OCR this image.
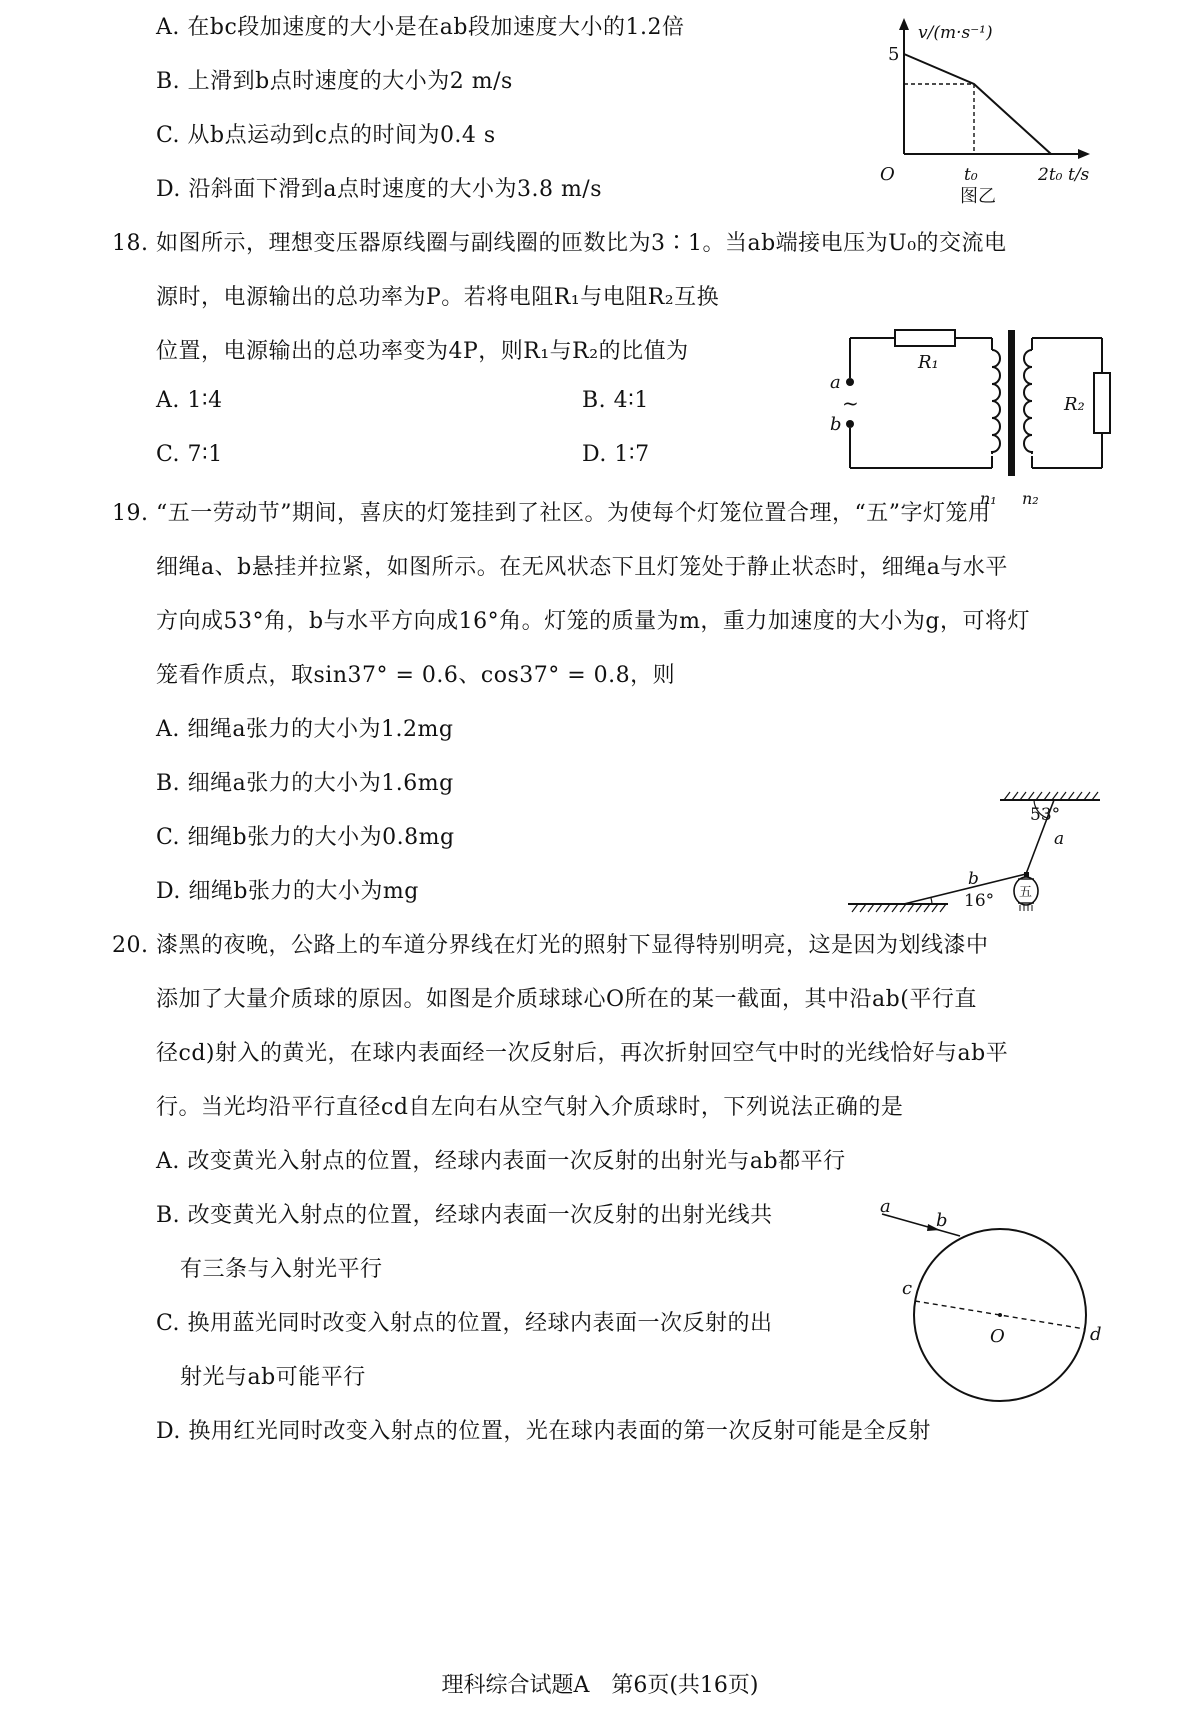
A. 在bc段加速度的大小是在ab段加速度大小的1.2倍
B. 上滑到b点时速度的大小为2 m/s
C. 从b点运动到c点的时间为0.4 s
D. 沿斜面下滑到a点时速度的大小为3.8 m/s
v/(m·s⁻¹)
5
O	t₀	2t₀ t/s
图乙
18. 如图所示，理想变压器原线圈与副线圈的匝数比为3∶1。当ab端接电压为U₀的交流电
源时，电源输出的总功率为P。若将电阻R₁与电阻R₂互换
位置，电源输出的总功率变为4P，则R₁与R₂的比值为
A. 1∶4	B. 4∶1
C. 7∶1	D. 1∶7
R₁
R₂
a
b
~
n₁ n₂
19. “五一劳动节”期间，喜庆的灯笼挂到了社区。为使每个灯笼位置合理，“五”字灯笼用
细绳a、b悬挂并拉紧，如图所示。在无风状态下且灯笼处于静止状态时，细绳a与水平
方向成53°角，b与水平方向成16°角。灯笼的质量为m，重力加速度的大小为g，可将灯
笼看作质点，取sin37° = 0.6、cos37° = 0.8，则
A. 细绳a张力的大小为1.2mg
B. 细绳a张力的大小为1.6mg
C. 细绳b张力的大小为0.8mg
D. 细绳b张力的大小为mg	五
53°
a
b
16°
20. 漆黑的夜晚，公路上的车道分界线在灯光的照射下显得特别明亮，这是因为划线漆中
添加了大量介质球的原因。如图是介质球球心O所在的某一截面，其中沿ab(平行直
径cd)射入的黄光，在球内表面经一次反射后，再次折射回空气中时的光线恰好与ab平
行。当光均沿平行直径cd自左向右从空气射入介质球时，下列说法正确的是
A. 改变黄光入射点的位置，经球内表面一次反射的出射光与ab都平行
B. 改变黄光入射点的位置，经球内表面一次反射的出射光线共
有三条与入射光平行
C. 换用蓝光同时改变入射点的位置，经球内表面一次反射的出
射光与ab可能平行
D. 换用红光同时改变入射点的位置，光在球内表面的第一次反射可能是全反射
b
a
c
d
O
理科综合试题A　第6页(共16页)
